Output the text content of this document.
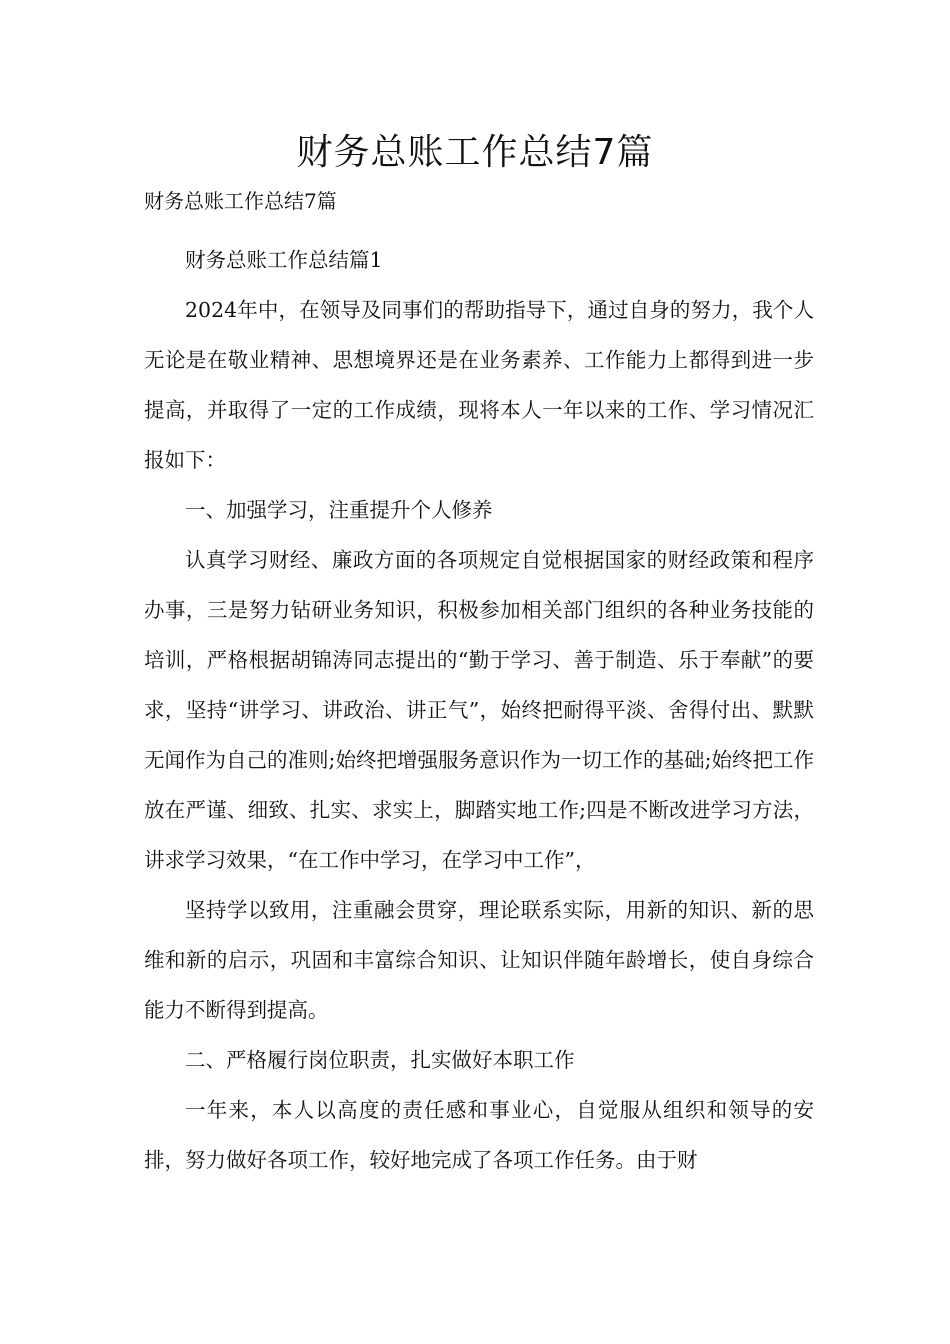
财务总账工作总结7篇

财务总账工作总结7篇

财务总账工作总结篇1

2024年中，在领导及同事们的帮助指导下，通过自身的努力，我个人无论是在敬业精神、思想境界还是在业务素养、工作能力上都得到进一步提高，并取得了一定的工作成绩，现将本人一年以来的工作、学习情况汇报如下：

一、加强学习，注重提升个人修养

认真学习财经、廉政方面的各项规定自觉根据国家的财经政策和程序办事，三是努力钻研业务知识，积极参加相关部门组织的各种业务技能的培训，严格根据胡锦涛同志提出的“勤于学习、善于制造、乐于奉献”的要求，坚持“讲学习、讲政治、讲正气”，始终把耐得平淡、舍得付出、默默无闻作为自己的准则;始终把增强服务意识作为一切工作的基础;始终把工作放在严谨、细致、扎实、求实上，脚踏实地工作;四是不断改进学习方法，讲求学习效果，“在工作中学习，在学习中工作”，

坚持学以致用，注重融会贯穿，理论联系实际，用新的知识、新的思维和新的启示，巩固和丰富综合知识、让知识伴随年龄增长，使自身综合能力不断得到提高。

二、严格履行岗位职责，扎实做好本职工作

一年来，本人以高度的责任感和事业心，自觉服从组织和领导的安排，努力做好各项工作，较好地完成了各项工作任务。由于财
